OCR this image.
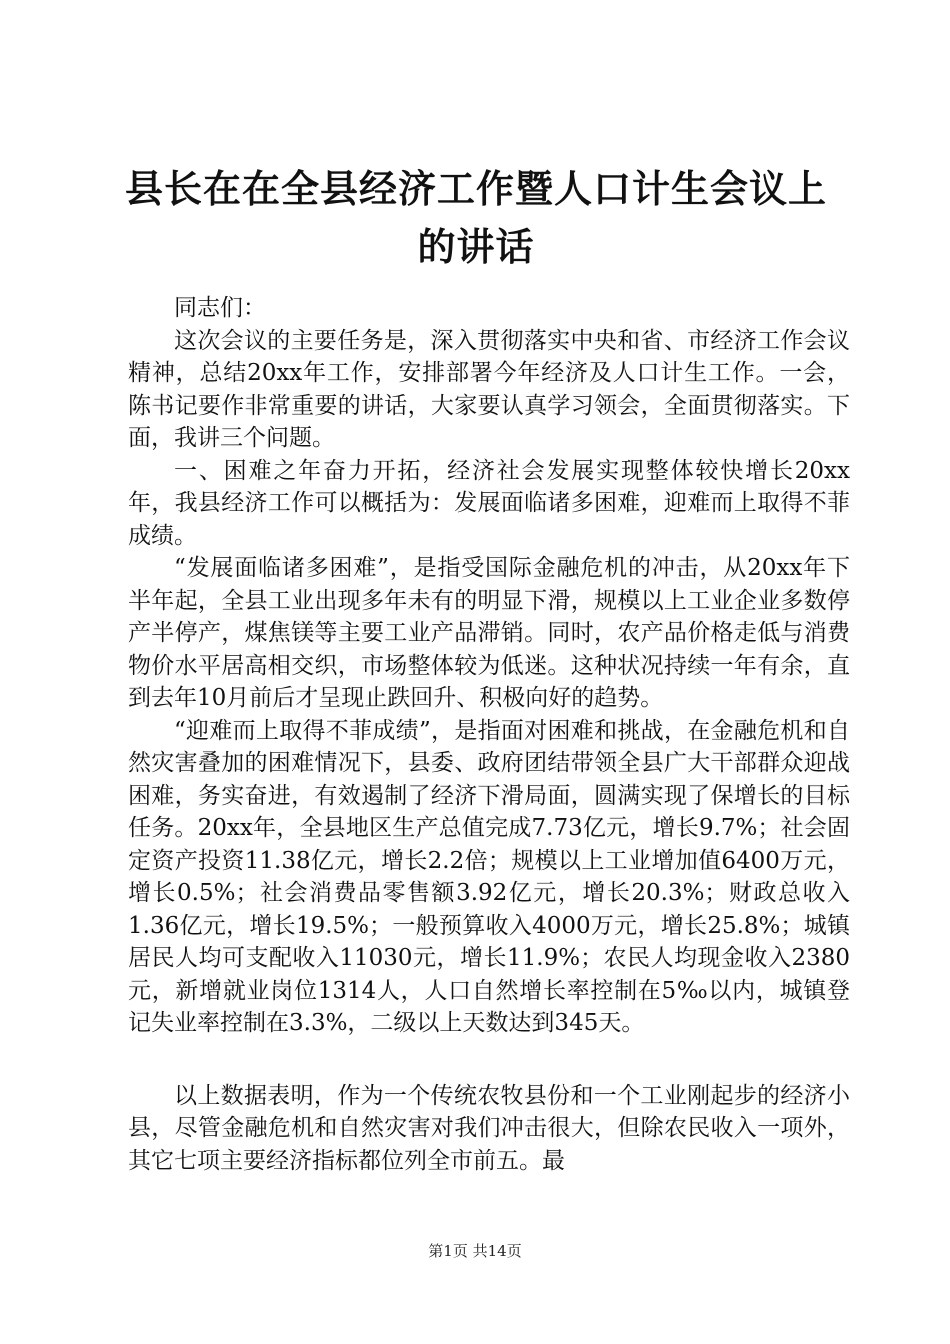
县长在在全县经济工作暨人口计生会议上的讲话

同志们：

这次会议的主要任务是，深入贯彻落实中央和省、市经济工作会议精神，总结20xx年工作，安排部署今年经济及人口计生工作。一会，陈书记要作非常重要的讲话，大家要认真学习领会，全面贯彻落实。下面，我讲三个问题。

一、困难之年奋力开拓，经济社会发展实现整体较快增长20xx年，我县经济工作可以概括为：发展面临诸多困难，迎难而上取得不菲成绩。

“发展面临诸多困难”，是指受国际金融危机的冲击，从20xx年下半年起，全县工业出现多年未有的明显下滑，规模以上工业企业多数停产半停产，煤焦镁等主要工业产品滞销。同时，农产品价格走低与消费物价水平居高相交织，市场整体较为低迷。这种状况持续一年有余，直到去年10月前后才呈现止跌回升、积极向好的趋势。

“迎难而上取得不菲成绩”，是指面对困难和挑战，在金融危机和自然灾害叠加的困难情况下，县委、政府团结带领全县广大干部群众迎战困难，务实奋进，有效遏制了经济下滑局面，圆满实现了保增长的目标任务。20xx年，全县地区生产总值完成7.73亿元，增长9.7%；社会固定资产投资11.38亿元，增长2.2倍；规模以上工业增加值6400万元，增长0.5%；社会消费品零售额3.92亿元，增长20.3%；财政总收入1.36亿元，增长19.5%；一般预算收入4000万元，增长25.8%；城镇居民人均可支配收入11030元，增长11.9%；农民人均现金收入2380元，新增就业岗位1314人，人口自然增长率控制在5‰以内，城镇登记失业率控制在3.3%，二级以上天数达到345天。

以上数据表明，作为一个传统农牧县份和一个工业刚起步的经济小县，尽管金融危机和自然灾害对我们冲击很大，但除农民收入一项外，其它七项主要经济指标都位列全市前五。最

第1页 共14页
